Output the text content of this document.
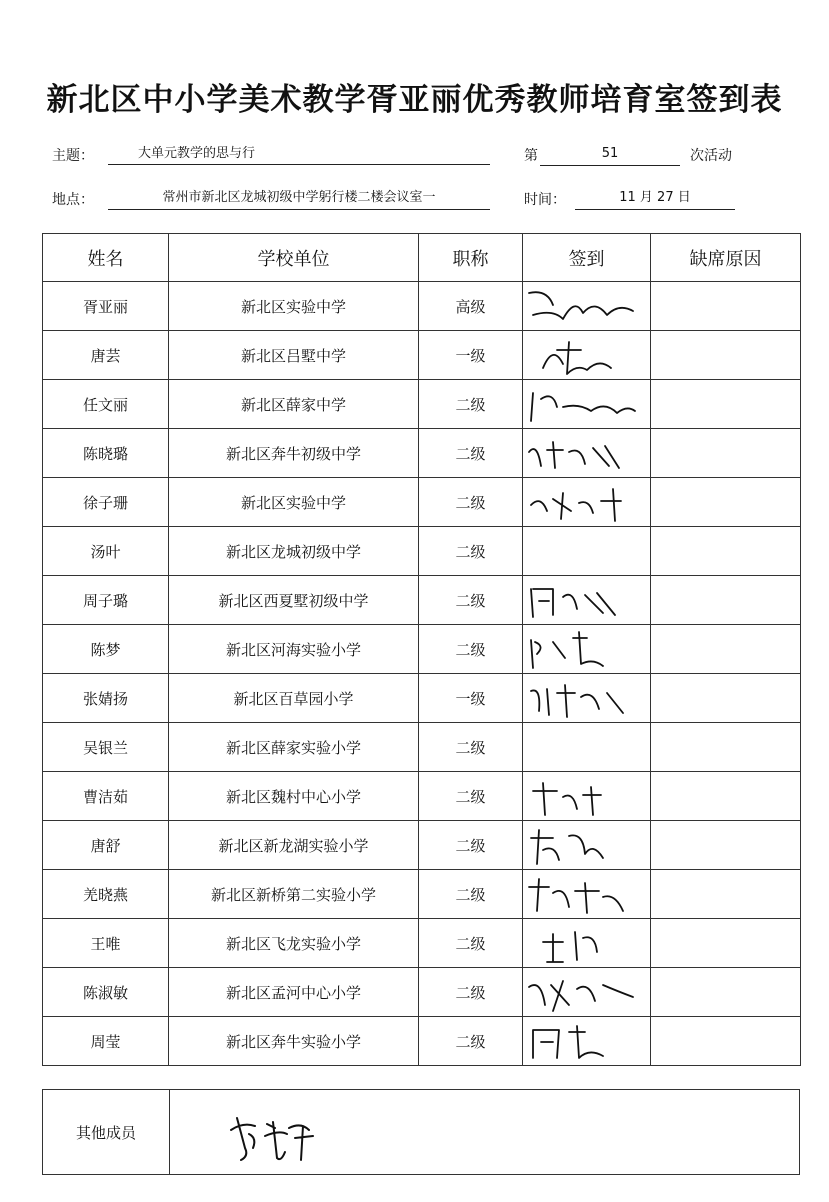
新北区中小学美术教学胥亚丽优秀教师培育室签到表
主题：	大单元教学的思与行	第	51	次活动
地点：	常州市新北区龙城初级中学躬行楼二楼会议室一	时间：	11 月 27 日
姓名	学校单位	职称	签到	缺席原因
胥亚丽	新北区实验中学	高级	

唐芸	新北区吕墅中学	一级	

任文丽	新北区薛家中学	二级	

陈晓璐	新北区奔牛初级中学	二级	

徐子珊	新北区实验中学	二级	

汤叶	新北区龙城初级中学	二级		
周子璐	新北区西夏墅初级中学	二级	

陈梦	新北区河海实验小学	二级	

张婧扬	新北区百草园小学	一级	

吴银兰	新北区薛家实验小学	二级		
曹洁茹	新北区魏村中心小学	二级	

唐舒	新北区新龙湖实验小学	二级	

羌晓燕	新北区新桥第二实验小学	二级	

王唯	新北区飞龙实验小学	二级	

陈淑敏	新北区孟河中心小学	二级	

周莹	新北区奔牛实验小学	二级	

其他成员
